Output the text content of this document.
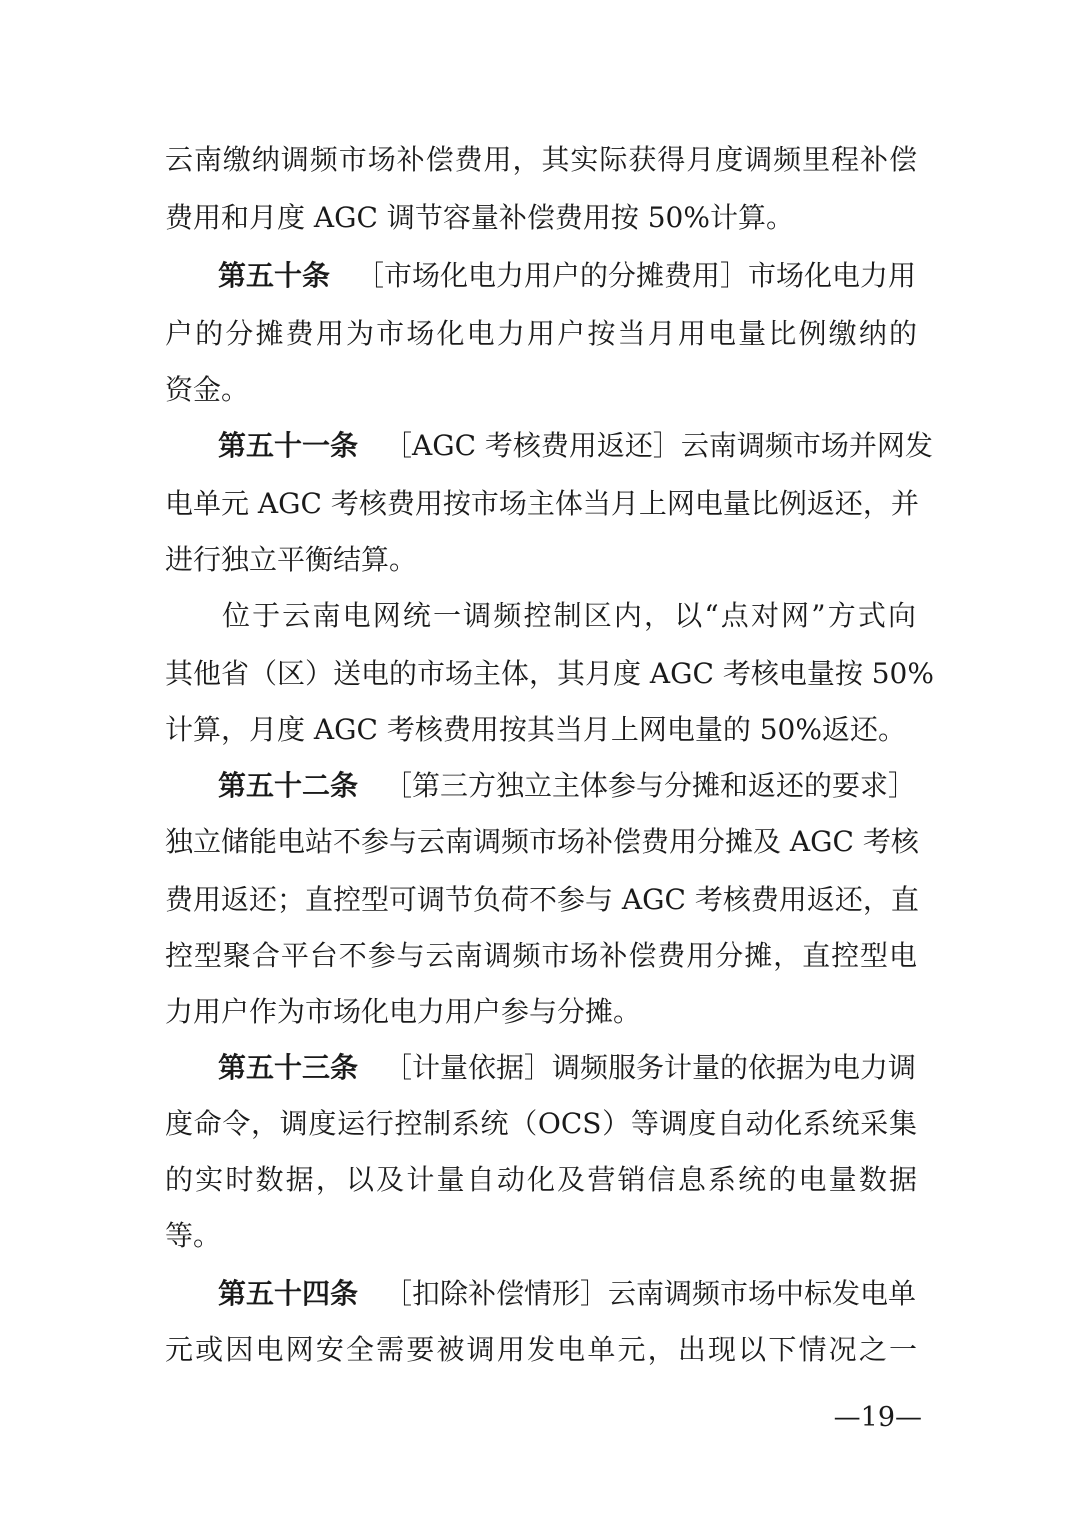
云南缴纳调频市场补偿费用，其实际获得月度调频里程补偿
费用和月度 AGC 调节容量补偿费用按 50%计算。
第五十条 ［市场化电力用户的分摊费用］市场化电力用
户的分摊费用为市场化电力用户按当月用电量比例缴纳的
资金。
第五十一条 ［AGC 考核费用返还］云南调频市场并网发
电单元 AGC 考核费用按市场主体当月上网电量比例返还，并
进行独立平衡结算。
位于云南电网统一调频控制区内，以“点对网”方式向
其他省（区）送电的市场主体，其月度 AGC 考核电量按 50%
计算，月度 AGC 考核费用按其当月上网电量的 50%返还。
第五十二条 ［第三方独立主体参与分摊和返还的要求］
独立储能电站不参与云南调频市场补偿费用分摊及 AGC 考核
费用返还；直控型可调节负荷不参与 AGC 考核费用返还，直
控型聚合平台不参与云南调频市场补偿费用分摊，直控型电
力用户作为市场化电力用户参与分摊。
第五十三条 ［计量依据］调频服务计量的依据为电力调
度命令，调度运行控制系统（OCS）等调度自动化系统采集
的实时数据，以及计量自动化及营销信息系统的电量数据
等。
第五十四条 ［扣除补偿情形］云南调频市场中标发电单
元或因电网安全需要被调用发电单元，出现以下情况之一
—19—
